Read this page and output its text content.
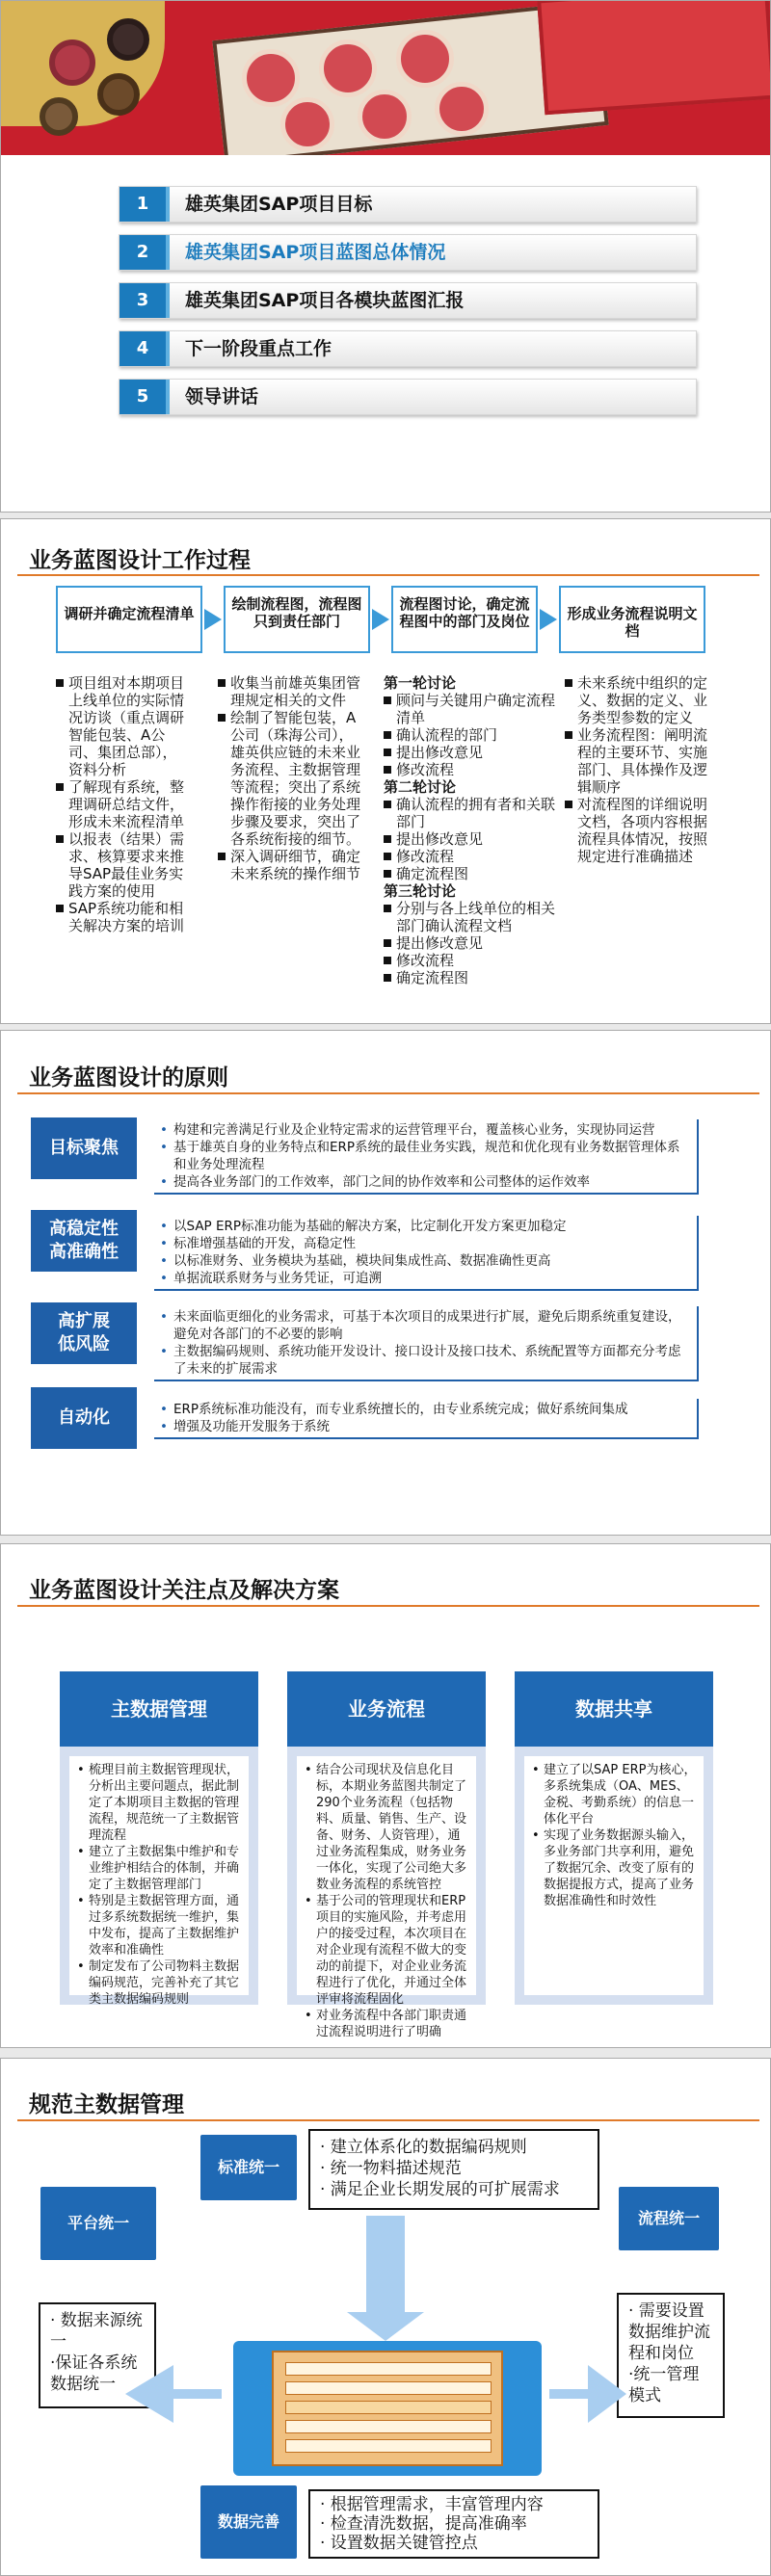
1	雄英集团SAP项目目标
2	雄英集团SAP项目蓝图总体情况
3	雄英集团SAP项目各模块蓝图汇报
4	下一阶段重点工作
5	领导讲话
业务蓝图设计工作过程
调研并确定流程清单
绘制流程图，流程图只到责任部门
流程图讨论，确定流程图中的部门及岗位	形成业务流程说明文档

项目组对本期项目上线单位的实际情况访谈（重点调研智能包装、A公司、集团总部），资料分析

了解现有系统，整理调研总结文件，形成未来流程清单

以报表（结果）需求、核算要求来推导SAP最佳业务实践方案的使用

SAP系统功能和相关解决方案的培训

收集当前雄英集团管理规定相关的文件

绘制了智能包装，A公司（珠海公司），雄英供应链的未来业务流程、主数据管理等流程；突出了系统操作衔接的业务处理步骤及要求，突出了各系统衔接的细节。

深入调研细节，确定未来系统的操作细节

第一轮讨论

顾问与关键用户确定流程清单

确认流程的部门

提出修改意见

修改流程

第二轮讨论

确认流程的拥有者和关联部门

提出修改意见

修改流程

确定流程图

第三轮讨论

分别与各上线单位的相关部门确认流程文档

提出修改意见

修改流程

确定流程图

未来系统中组织的定义、数据的定义、业务类型参数的定义

业务流程图：阐明流程的主要环节、实施部门、具体操作及逻辑顺序

对流程图的详细说明文档，各项内容根据流程具体情况，按照规定进行准确描述

业务蓝图设计的原则
目标聚焦

• 构建和完善满足行业及企业特定需求的运营管理平台，覆盖核心业务，实现协同运营

• 基于雄英自身的业务特点和ERP系统的最佳业务实践，规范和优化现有业务数据管理体系和业务处理流程

• 提高各业务部门的工作效率，部门之间的协作效率和公司整体的运作效率

高稳定性
高准确性

• 以SAP ERP标准功能为基础的解决方案，比定制化开发方案更加稳定

• 标准增强基础的开发，高稳定性

• 以标准财务、业务模块为基础，模块间集成性高、数据准确性更高

• 单据流联系财务与业务凭证，可追溯

高扩展
低风险

• 未来面临更细化的业务需求，可基于本次项目的成果进行扩展，避免后期系统重复建设，避免对各部门的不必要的影响

• 主数据编码规则、系统功能开发设计、接口设计及接口技术、系统配置等方面都充分考虑了未来的扩展需求

自动化

•	ERP系统标准功能没有，而专业系统擅长的，由专业系统完成；做好系统间集成

• 增强及功能开发服务于系统

业务蓝图设计关注点及解决方案
主数据管理

• 梳理目前主数据管理现状，分析出主要问题点，据此制定了本期项目主数据的管理流程，规范统一了主数据管理流程

• 建立了主数据集中维护和专业维护相结合的体制，并确定了主数据管理部门

• 特别是主数据管理方面，通过多系统数据统一维护，集中发布，提高了主数据维护效率和准确性

• 制定发布了公司物料主数据编码规范，完善补充了其它类主数据编码规则

业务流程

• 结合公司现状及信息化目标，本期业务蓝图共制定了290个业务流程（包括物料、质量、销售、生产、设备、财务、人资管理），通过业务流程集成，财务业务一体化，实现了公司绝大多数业务流程的系统管控

• 基于公司的管理现状和ERP项目的实施风险，并考虑用户的接受过程，本次项目在对企业现有流程不做大的变动的前提下，对企业业务流程进行了优化，并通过全体评审将流程固化

• 对业务流程中各部门职责通过流程说明进行了明确

数据共享

• 建立了以SAP ERP为核心，多系统集成（OA、MES、金税、考勤系统）的信息一体化平台

• 实现了业务数据源头输入，多业务部门共享利用，避免了数据冗余、改变了原有的数据提报方式，提高了业务数据准确性和时效性

规范主数据管理
标准统一
· 建立体系化的数据编码规则
· 统一物料描述规范
· 满足企业长期发展的可扩展需求
平台统一
· 数据来源统一
·保证各系统数据统一
流程统一
· 需要设置数据维护流程和岗位
·统一管理模式
数据完善
· 根据管理需求，丰富管理内容
· 检查清洗数据，提高准确率
· 设置数据关键管控点
